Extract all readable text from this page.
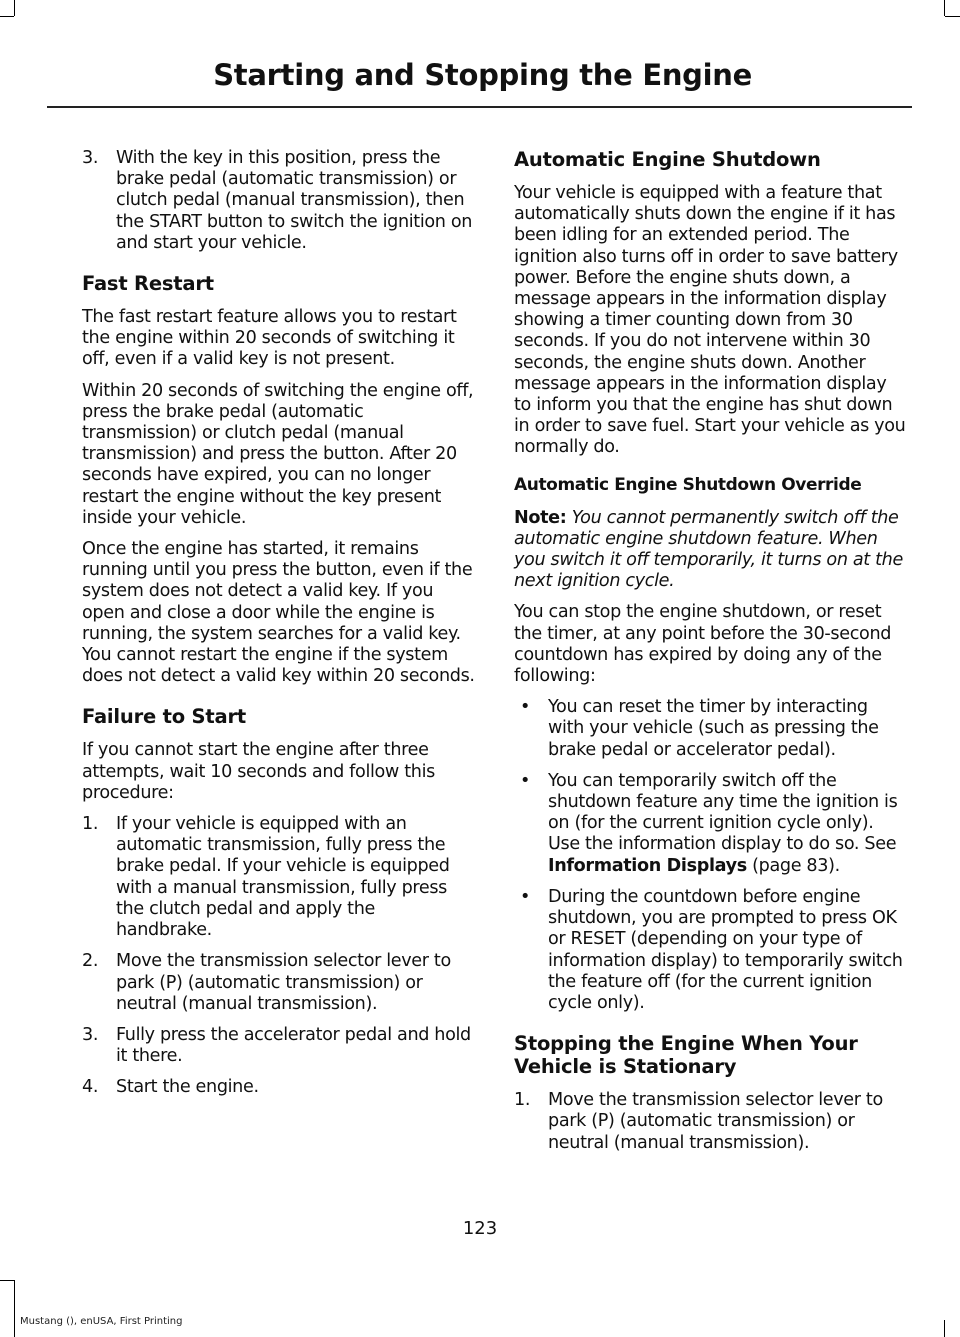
Starting and Stopping the Engine
3. With the key in this position, press the brake pedal (automatic transmission) or clutch pedal (manual transmission), then the START button to switch the ignition on and start your vehicle.
Fast Restart

The fast restart feature allows you to restart the engine within 20 seconds of switching it off, even if a valid key is not present.

Within 20 seconds of switching the engine off, press the brake pedal (automatic transmission) or clutch pedal (manual transmission) and press the button. After 20 seconds have expired, you can no longer restart the engine without the key present inside your vehicle.

Once the engine has started, it remains running until you press the button, even if the system does not detect a valid key. If you open and close a door while the engine is running, the system searches for a valid key. You cannot restart the engine if the system does not detect a valid key within 20 seconds.

Failure to Start

If you cannot start the engine after three attempts, wait 10 seconds and follow this procedure:

1. If your vehicle is equipped with an automatic transmission, fully press the brake pedal. If your vehicle is equipped with a manual transmission, fully press the clutch pedal and apply the handbrake.
2. Move the transmission selector lever to park (P) (automatic transmission) or neutral (manual transmission).
3. Fully press the accelerator pedal and hold it there.
4. Start the engine.
Automatic Engine Shutdown

Your vehicle is equipped with a feature that automatically shuts down the engine if it has been idling for an extended period. The ignition also turns off in order to save battery power. Before the engine shuts down, a message appears in the information display showing a timer counting down from 30 seconds. If you do not intervene within 30 seconds, the engine shuts down. Another message appears in the information display to inform you that the engine has shut down in order to save fuel. Start your vehicle as you normally do.

Automatic Engine Shutdown Override

Note: You cannot permanently switch off the automatic engine shutdown feature. When you switch it off temporarily, it turns on at the next ignition cycle.

You can stop the engine shutdown, or reset the timer, at any point before the 30-second countdown has expired by doing any of the following:

• You can reset the timer by interacting with your vehicle (such as pressing the brake pedal or accelerator pedal).
• You can temporarily switch off the shutdown feature any time the ignition is on (for the current ignition cycle only). Use the information display to do so. See Information Displays (page 83).
• During the countdown before engine shutdown, you are prompted to press OK or RESET (depending on your type of information display) to temporarily switch the feature off (for the current ignition cycle only).
Stopping the Engine When Your Vehicle is Stationary
1. Move the transmission selector lever to park (P) (automatic transmission) or neutral (manual transmission).
123
Mustang (), enUSA, First Printing
